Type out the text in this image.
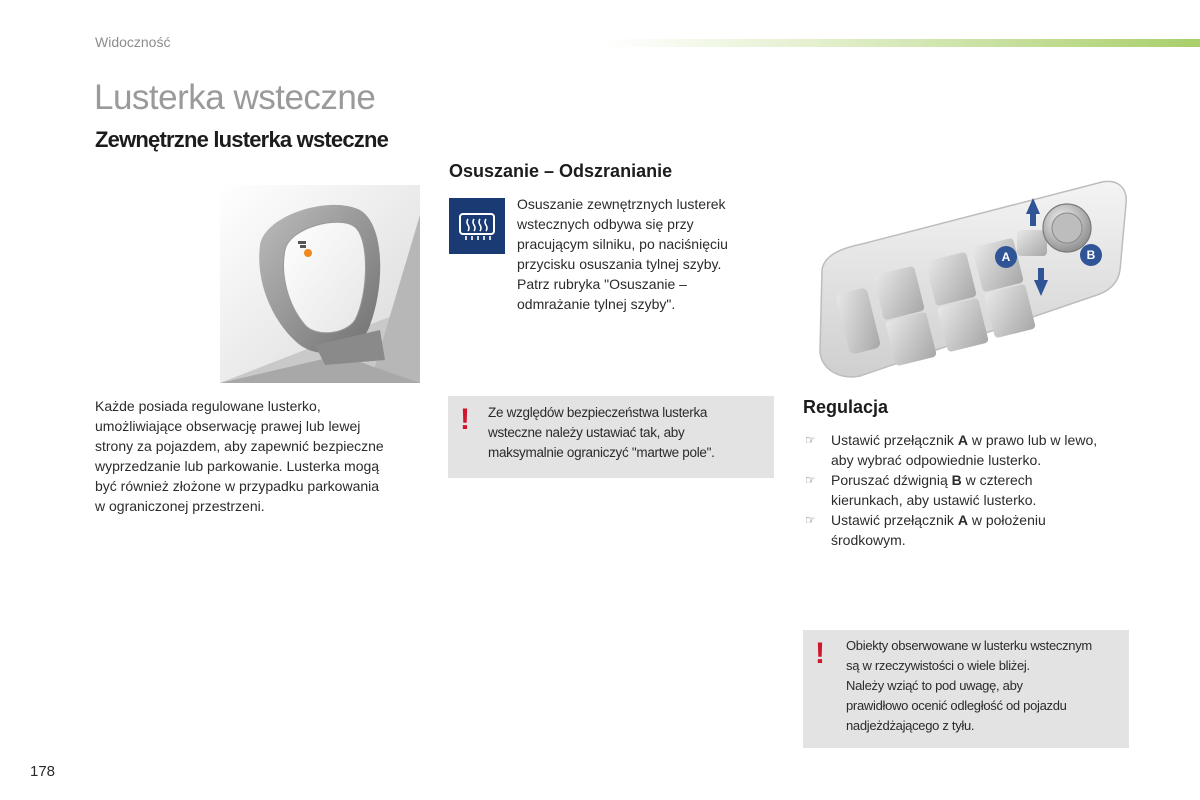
Widoczność
Lusterka wsteczne
Zewnętrzne lusterka wsteczne
Każde posiada regulowane lusterko,
umożliwiające obserwację prawej lub lewej
strony za pojazdem, aby zapewnić bezpieczne
wyprzedzanie lub parkowanie. Lusterka mogą
być również złożone w przypadku parkowania
w ograniczonej przestrzeni.
Osuszanie – Odszranianie
Osuszanie zewnętrznych lusterek
wstecznych odbywa się przy
pracującym silniku, po naciśnięciu
przycisku osuszania tylnej szyby.
Patrz rubryka "Osuszanie –
odmrażanie tylnej szyby".
! Ze względów bezpieczeństwa lusterka
wsteczne należy ustawiać tak, aby
maksymalnie ograniczyć "martwe pole".
A	B
Regulacja
☞ Ustawić przełącznik A w prawo lub w lewo,
aby wybrać odpowiednie lusterko.
☞ Poruszać dźwignią B w czterech
kierunkach, aby ustawić lusterko.
☞ Ustawić przełącznik A w położeniu
środkowym.
! Obiekty obserwowane w lusterku wstecznym
są w rzeczywistości o wiele bliżej.
Należy wziąć to pod uwagę, aby
prawidłowo ocenić odległość od pojazdu
nadjeżdżającego z tyłu.
178
